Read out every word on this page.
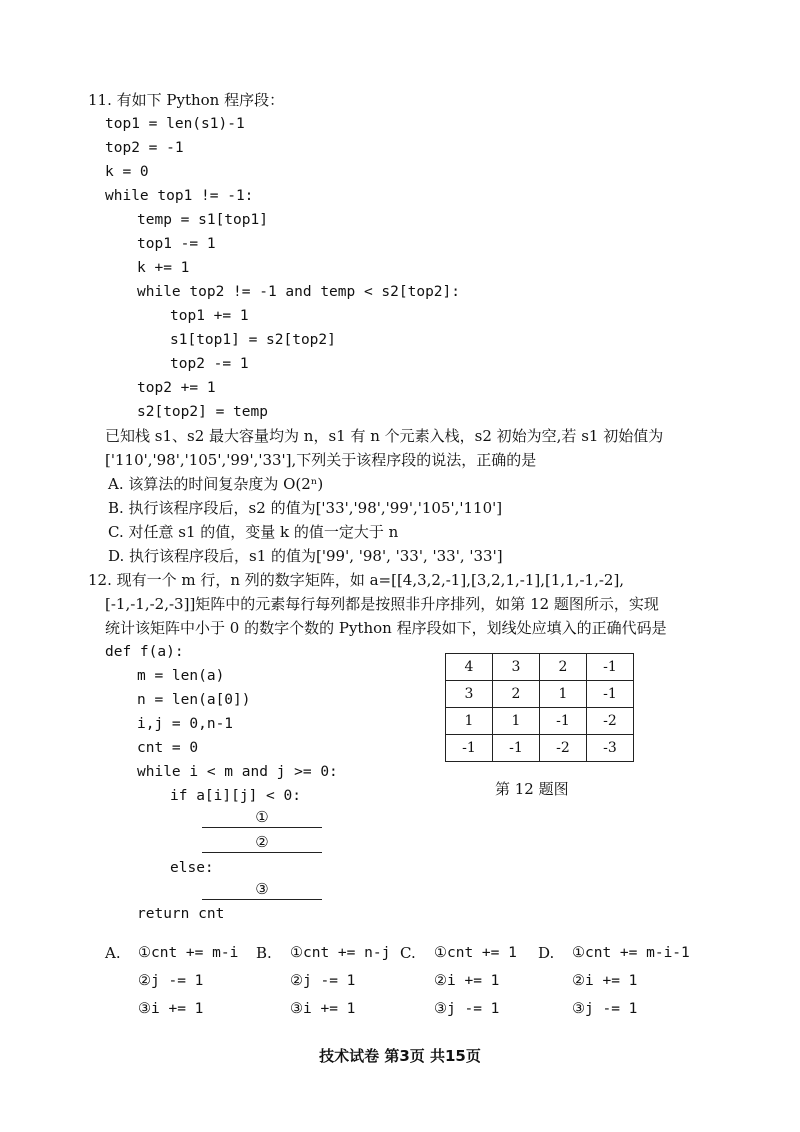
11. 有如下 Python 程序段：
top1 = len(s1)-1
top2 = -1
k = 0
while top1 != -1:
temp = s1[top1]
top1 -= 1
k += 1
while top2 != -1 and temp < s2[top2]:
top1 += 1
s1[top1] = s2[top2]
top2 -= 1
top2 += 1
s2[top2] = temp
已知栈 s1、s2 最大容量均为 n，s1 有 n 个元素入栈，s2 初始为空,若 s1 初始值为
['110','98','105','99','33'],下列关于该程序段的说法，正确的是
A. 该算法的时间复杂度为 O(2ⁿ)
B. 执行该程序段后，s2 的值为['33','98','99','105','110']
C. 对任意 s1 的值，变量 k 的值一定大于 n
D. 执行该程序段后，s1 的值为['99', '98', '33', '33', '33']
12. 现有一个 m 行，n 列的数字矩阵，如 a=[[4,3,2,-1],[3,2,1,-1],[1,1,-1,-2],
[-1,-1,-2,-3]]矩阵中的元素每行每列都是按照非升序排列，如第 12 题图所示，实现
统计该矩阵中小于 0 的数字个数的 Python 程序段如下，划线处应填入的正确代码是
def f(a):
m = len(a)
n = len(a[0])
i,j = 0,n-1
cnt = 0
while i < m and j >= 0:
if a[i][j] < 0:
①
②
else:
③
return cnt
4	3	2	-1
3	2	1	-1
1	1	-1	-2
-1	-1	-2	-3
第 12 题图
A. ①cnt += m-i
②j -= 1
③i += 1
B. ①cnt += n-j
②j -= 1
③i += 1
C. ①cnt += 1
②i += 1
③j -= 1
D. ①cnt += m-i-1
②i += 1
③j -= 1
技术试卷 第3页 共15页
